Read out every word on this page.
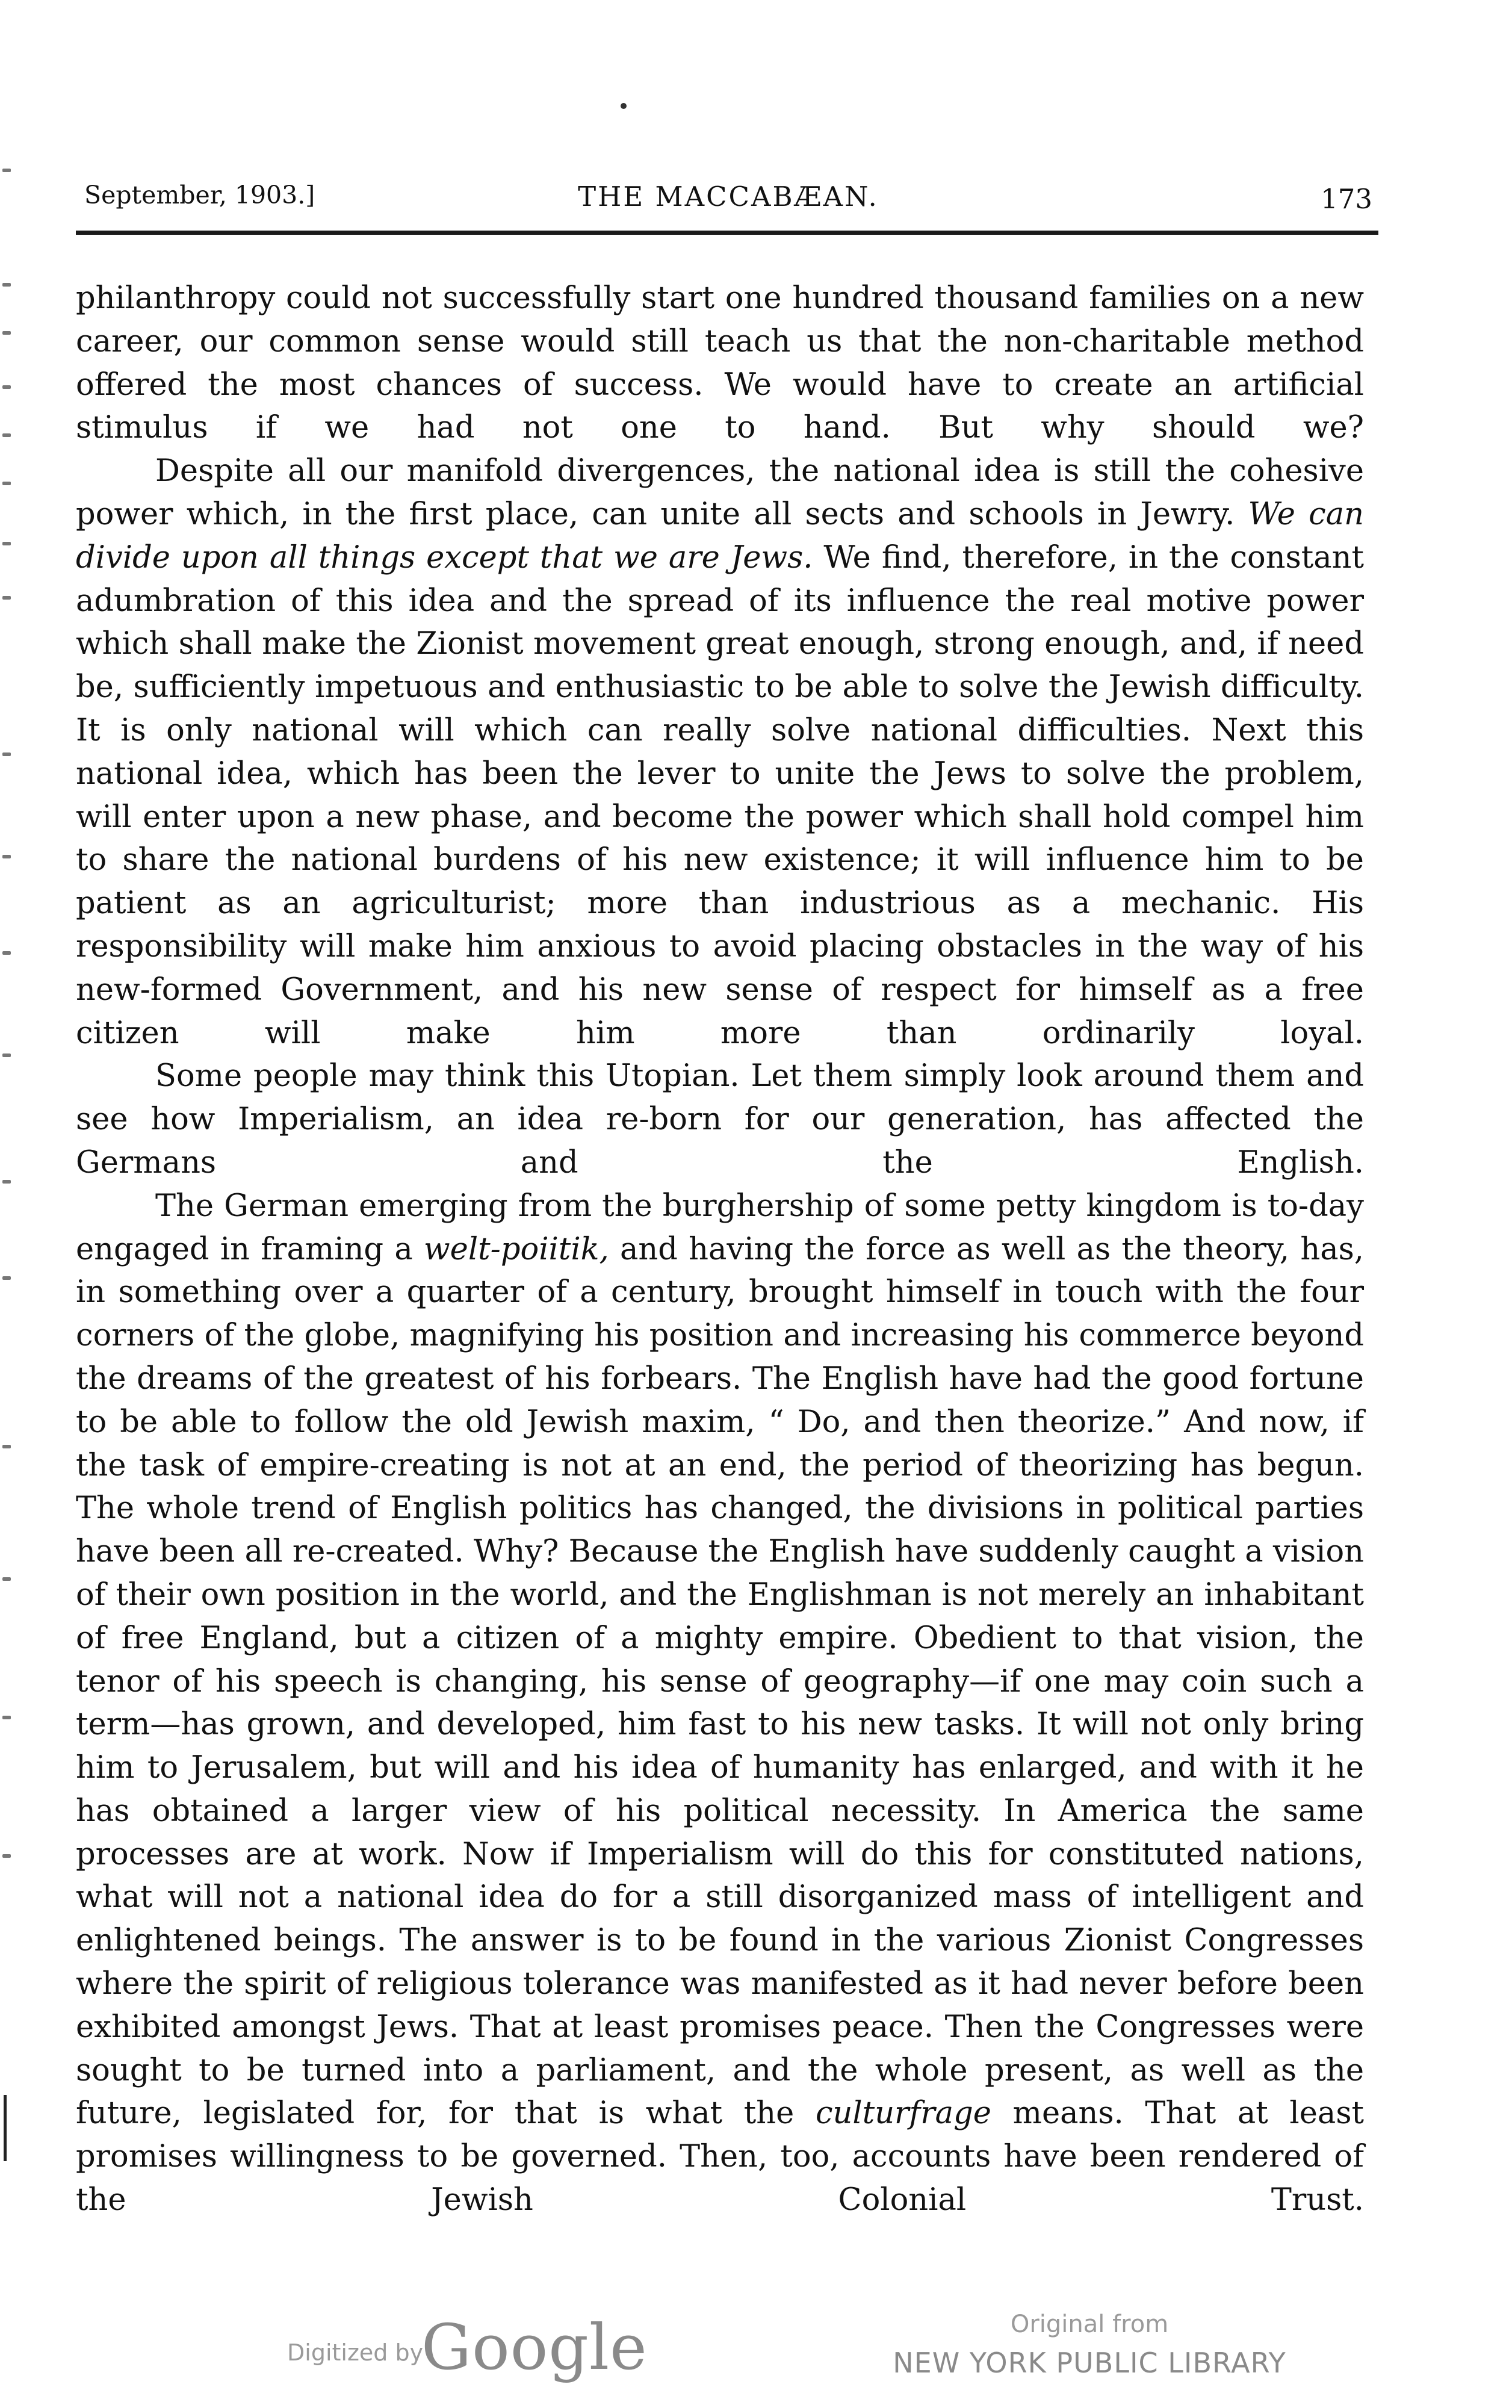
September, 1903.]	THE MACCABÆAN.	173

philanthropy could not successfully start one hundred thousand families on a new career, our common sense would still teach us that the non-charitable method offered the most chances of success. We would have to create an artificial stimulus if we had not one to hand. But why should we?

Despite all our manifold divergences, the national idea is still the cohesive power which, in the first place, can unite all sects and schools in Jewry. We can divide upon all things except that we are Jews. We find, therefore, in the constant adumbration of this idea and the spread of its influence the real motive power which shall make the Zionist movement great enough, strong enough, and, if need be, sufficiently impetuous and enthusiastic to be able to solve the Jewish difficulty. It is only national will which can really solve national difficulties. Next this national idea, which has been the lever to unite the Jews to solve the problem, will enter upon a new phase, and become the power which shall hold compel him to share the national burdens of his new existence; it will influence him to be patient as an agriculturist; more than industrious as a mechanic. His responsibility will make him anxious to avoid placing obstacles in the way of his new-formed Government, and his new sense of respect for himself as a free citizen will make him more than ordinarily loyal.

Some people may think this Utopian. Let them simply look around them and see how Imperialism, an idea re-born for our generation, has affected the Germans and the English.

The German emerging from the burghership of some petty kingdom is to-day engaged in framing a welt-poiitik, and having the force as well as the theory, has, in something over a quarter of a century, brought himself in touch with the four corners of the globe, magnifying his position and increasing his commerce beyond the dreams of the greatest of his forbears. The English have had the good fortune to be able to follow the old Jewish maxim, “ Do, and then theorize.” And now, if the task of empire-creating is not at an end, the period of theorizing has begun. The whole trend of English politics has changed, the divisions in political parties have been all re-created. Why? Because the English have suddenly caught a vision of their own position in the world, and the Englishman is not merely an inhabitant of free England, but a citizen of a mighty empire. Obedient to that vision, the tenor of his speech is changing, his sense of geography—if one may coin such a term—has grown, and developed, him fast to his new tasks. It will not only bring him to Jerusalem, but will and his idea of humanity has enlarged, and with it he has obtained a larger view of his political necessity. In America the same processes are at work. Now if Imperialism will do this for constituted nations, what will not a national idea do for a still disorganized mass of intelligent and enlightened beings. The answer is to be found in the various Zionist Congresses where the spirit of religious tolerance was manifested as it had never before been exhibited amongst Jews. That at least promises peace. Then the Congresses were sought to be turned into a parliament, and the whole present, as well as the future, legislated for, for that is what the culturfrage means. That at least promises willingness to be governed. Then, too, accounts have been rendered of the Jewish Colonial Trust.

Digitized by
Google	Original from
NEW YORK PUBLIC LIBRARY
